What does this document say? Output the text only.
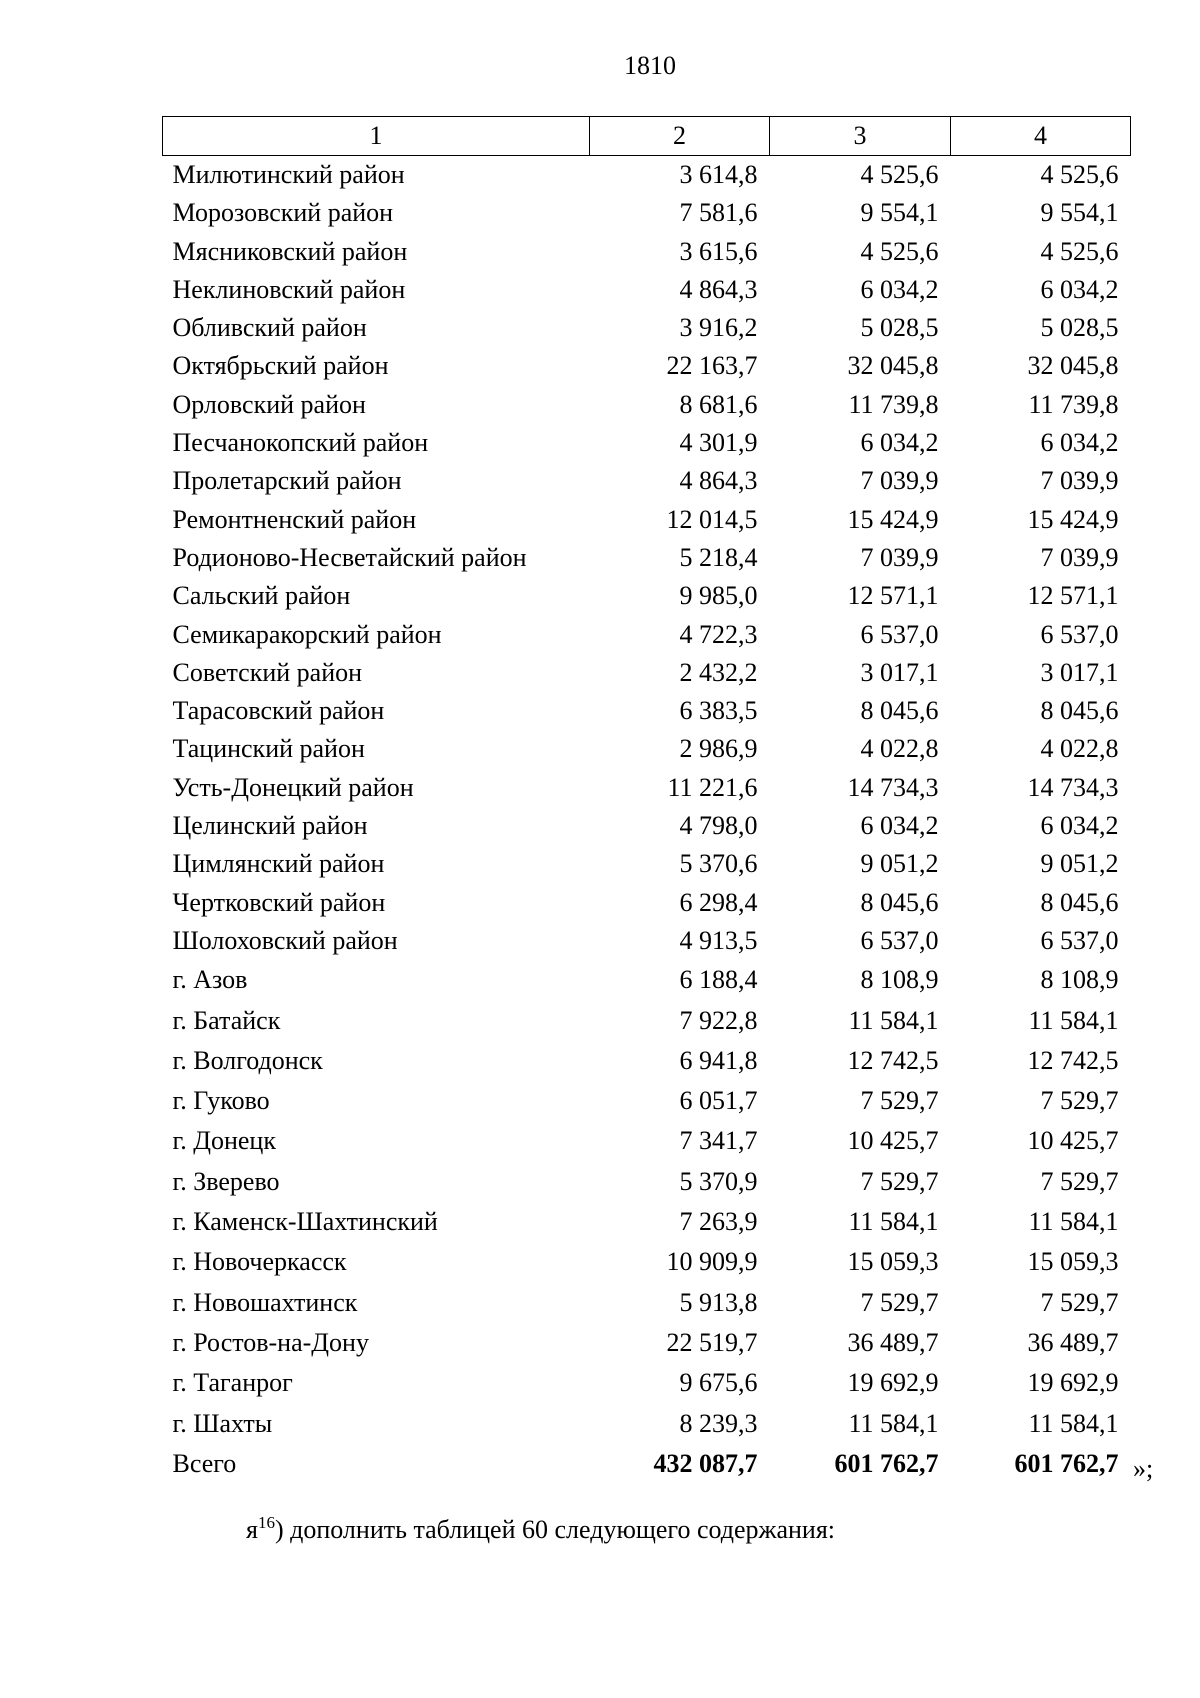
1810
1	2	3	4
Милютинский район	3 614,8	4 525,6	4 525,6
Морозовский район	7 581,6	9 554,1	9 554,1
Мясниковский район	3 615,6	4 525,6	4 525,6
Неклиновский район	4 864,3	6 034,2	6 034,2
Обливский район	3 916,2	5 028,5	5 028,5
Октябрьский район	22 163,7	32 045,8	32 045,8
Орловский район	8 681,6	11 739,8	11 739,8
Песчанокопский район	4 301,9	6 034,2	6 034,2
Пролетарский район	4 864,3	7 039,9	7 039,9
Ремонтненский район	12 014,5	15 424,9	15 424,9
Родионово-Несветайский район	5 218,4	7 039,9	7 039,9
Сальский район	9 985,0	12 571,1	12 571,1
Семикаракорский район	4 722,3	6 537,0	6 537,0
Советский район	2 432,2	3 017,1	3 017,1
Тарасовский район	6 383,5	8 045,6	8 045,6
Тацинский район	2 986,9	4 022,8	4 022,8
Усть-Донецкий район	11 221,6	14 734,3	14 734,3
Целинский район	4 798,0	6 034,2	6 034,2
Цимлянский район	5 370,6	9 051,2	9 051,2
Чертковский район	6 298,4	8 045,6	8 045,6
Шолоховский район	4 913,5	6 537,0	6 537,0
г. Азов	6 188,4	8 108,9	8 108,9
г. Батайск	7 922,8	11 584,1	11 584,1
г. Волгодонск	6 941,8	12 742,5	12 742,5
г. Гуково	6 051,7	7 529,7	7 529,7
г. Донецк	7 341,7	10 425,7	10 425,7
г. Зверево	5 370,9	7 529,7	7 529,7
г. Каменск-Шахтинский	7 263,9	11 584,1	11 584,1
г. Новочеркасск	10 909,9	15 059,3	15 059,3
г. Новошахтинск	5 913,8	7 529,7	7 529,7
г. Ростов-на-Дону	22 519,7	36 489,7	36 489,7
г. Таганрог	9 675,6	19 692,9	19 692,9
г. Шахты	8 239,3	11 584,1	11 584,1
Всего	432 087,7	601 762,7	601 762,7 »;
$я^{16}$) дополнить таблицей 60 следующего содержания:
